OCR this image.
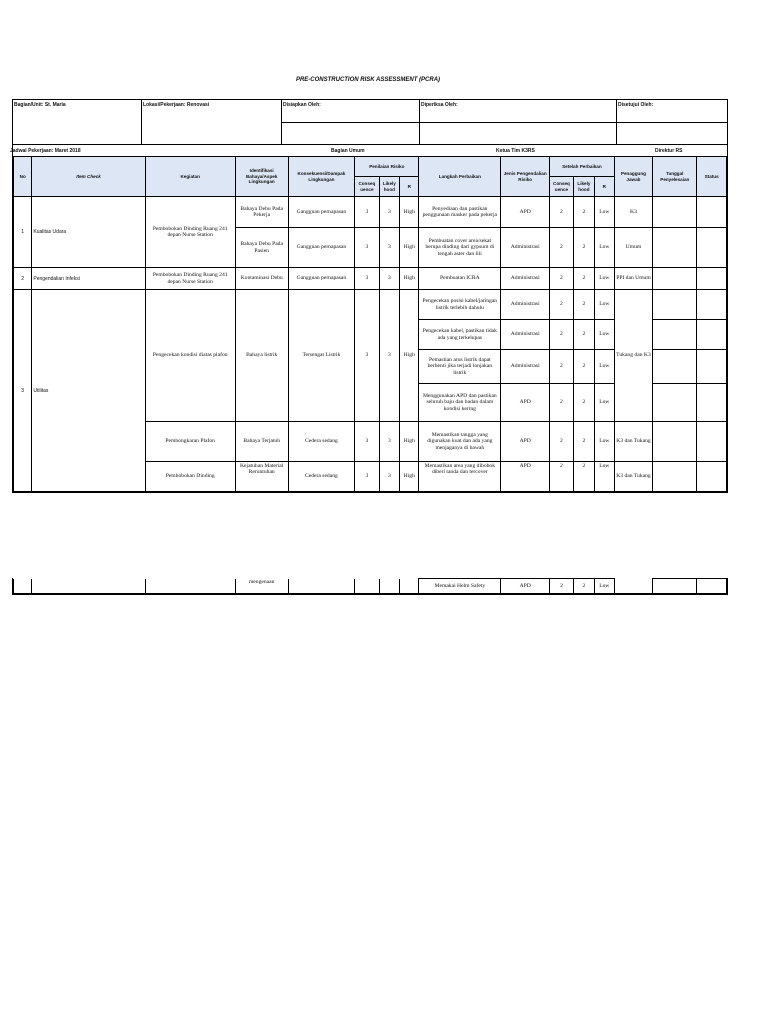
PRE-CONSTRUCTION RISK ASSESSMENT (PCRA)
Bagian/Unit: St. Maria	Lokasi/Pekerjaan: Renovasi	Disiapkan Oleh:	Diperiksa Oleh:	Disetujui Oleh:
Jadwal Pekerjaan: Maret 2018	Bagian Umum	Ketua Tim K3RS	Direktur RS
No	Item Check	Kegiatan	Identifikasi Bahaya/Aspek Lingkungan	Konsekuensi/Dampak Lingkungan	Penilaian Risiko			Langkah Perbaikan	Jenis Pengendalian Risiko	Setelah Perbaikan			Penaggung Jawab	Tanggal Penyelesaian	Status
					Conseq uence	Likely hood	R			Conseq uence	Likely hood	R			
1	Kualitas Udara	Pembobokan Dinding Ruang 241 depan Nurse Station	Bahaya Debu Pada Pekerja	Gangguan pernapasan	3	3	High	Penyediaan dan pastikan penggunaan masker pada pekerja	APD	2	2	Low	K3		
			Bahaya Debu Pada Pasien	Gangguan pernapasan	3	3	High	Pembuatan cover area/sekat berupa dinding dari gypsum di tengah aster dan lili	Administrasi	2	2	Low	Umum		
2	Pengendalian Infeksi	Pembobokan Dinding Ruang 241 depan Nurse Station	Kontaminasi Debu	Gangguan pernapasan	3	3	High	Pembuatan ICRA	Administrasi	2	2	Low	PPI dan Umum		
3	Utilitas	Pengecekan kondisi diatas plafon	Bahaya listrik	Tersengat Listrik	3	3	High	Pengecekan posisi kabel/jaringan listrik terlebih dahulu	Administrasi	2	2	Low	Tukang dan K3		
								Pengecekan kabel, pastikan tidak ada yang terkelupas	Administrasi	2	2	Low			
								Pemastian arus listrik dapat berhenti jika terjadi lonjakan listrik	Administrasi	2	2	Low			
								Menggunakan APD dan pastikan seluruh baju dan badan dalam kondisi kering	APD	2	2	Low			
		Pembongkaran Plafon	Bahaya Terjatuh	Cedera sedang	3	3	High	Memastikan tangga yang digunakan kuat dan ada yang menjaganya di bawah	APD	2	2	Low	K3 dan Tukang		
		Pembobokan Dinding	Kejatuhan Material Reruntuhan	Cedera sedang	3	3	High	Memastikan area yang dibobok diberi tanda dan tercover	APD	2	2	Low	K3 dan Tukang		
			mengenaan					Memakai Helm Safety	APD	2	2	Low			
